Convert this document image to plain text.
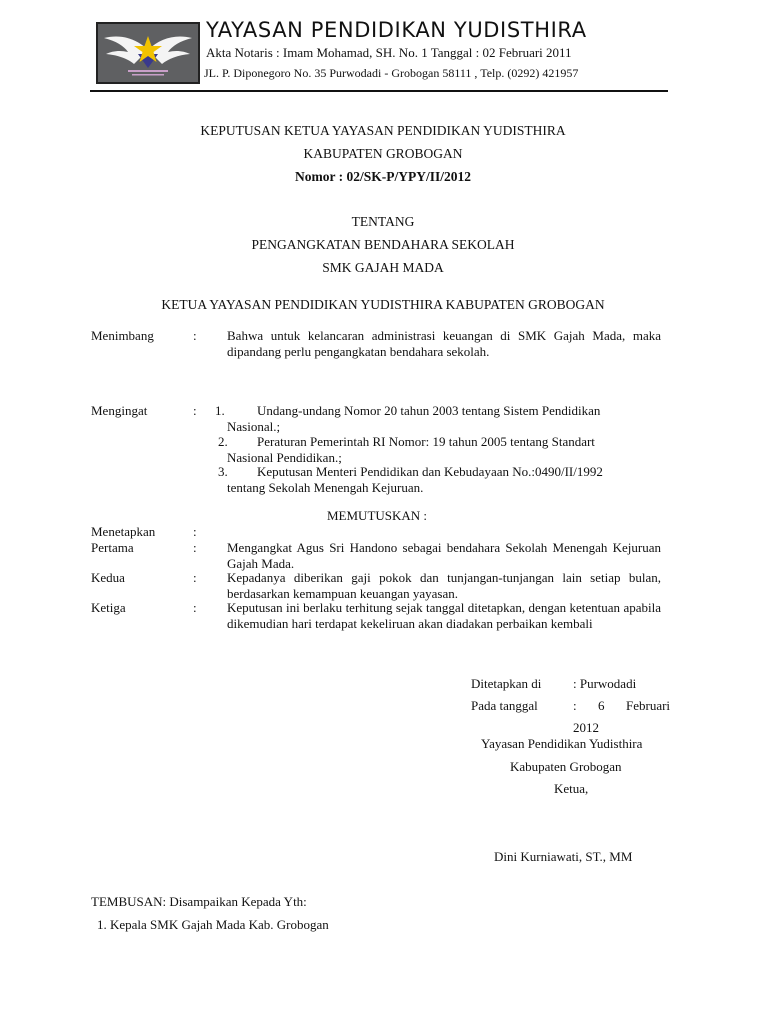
YAYASAN PENDIDIKAN YUDISTHIRA
Akta Notaris : Imam Mohamad, SH. No. 1 Tanggal : 02 Februari 2011
JL. P. Diponegoro No. 35 Purwodadi - Grobogan 58111 , Telp. (0292) 421957
KEPUTUSAN KETUA YAYASAN PENDIDIKAN YUDISTHIRA
KABUPATEN GROBOGAN
Nomor : 02/SK-P/YPY/II/2012
TENTANG
PENGANGKATAN BENDAHARA SEKOLAH
SMK GAJAH MADA
KETUA YAYASAN PENDIDIKAN YUDISTHIRA KABUPATEN GROBOGAN
Menimbang	: Bahwa untuk kelancaran administrasi keuangan di SMK Gajah Mada, maka dipandang perlu pengangkatan bendahara sekolah.
Mengingat	: 1. Undang-undang Nomor 20 tahun 2003 tentang Sistem Pendidikan
Nasional.;
2. Peraturan Pemerintah RI Nomor: 19 tahun 2005 tentang Standart
Nasional Pendidikan.;
3. Keputusan Menteri Pendidikan dan Kebudayaan No.:0490/II/1992
tentang Sekolah Menengah Kejuruan.
MEMUTUSKAN :
Menetapkan	:
Pertama	: Mengangkat Agus Sri Handono sebagai bendahara Sekolah Menengah Kejuruan Gajah Mada.
Kedua	: Kepadanya diberikan gaji pokok dan tunjangan-tunjangan lain setiap bulan, berdasarkan kemampuan keuangan yayasan.
Ketiga	: Keputusan ini berlaku terhitung sejak tanggal ditetapkan, dengan ketentuan apabila dikemudian hari terdapat kekeliruan akan diadakan perbaikan kembali
Ditetapkan di : Purwodadi
Pada tanggal	: 6 Februari
2012
Yayasan Pendidikan Yudisthira
Kabupaten Grobogan
Ketua,
Dini Kurniawati, ST., MM
TEMBUSAN: Disampaikan Kepada Yth:
1. Kepala SMK Gajah Mada Kab. Grobogan
